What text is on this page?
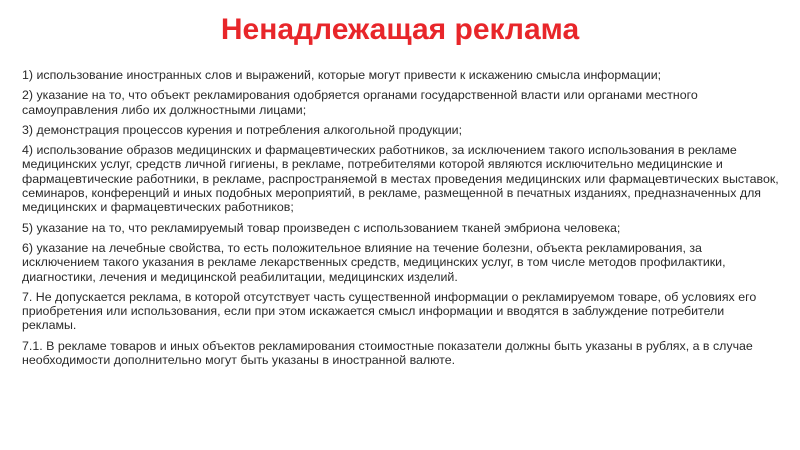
Ненадлежащая реклама

1) использование иностранных слов и выражений, которые могут привести к искажению смысла информации;

2) указание на то, что объект рекламирования одобряется органами государственной власти или органами местного самоуправления либо их должностными лицами;

3) демонстрация процессов курения и потребления алкогольной продукции;

4) использование образов медицинских и фармацевтических работников, за исключением такого использования в рекламе медицинских услуг, средств личной гигиены, в рекламе, потребителями которой являются исключительно медицинские и фармацевтические работники, в рекламе, распространяемой в местах проведения медицинских или фармацевтических выставок, семинаров, конференций и иных подобных мероприятий, в рекламе, размещенной в печатных изданиях, предназначенных для медицинских и фармацевтических работников;

5) указание на то, что рекламируемый товар произведен с использованием тканей эмбриона человека;

6) указание на лечебные свойства, то есть положительное влияние на течение болезни, объекта рекламирования, за исключением такого указания в рекламе лекарственных средств, медицинских услуг, в том числе методов профилактики, диагностики, лечения и медицинской реабилитации, медицинских изделий.

7. Не допускается реклама, в которой отсутствует часть существенной информации о рекламируемом товаре, об условиях его приобретения или использования, если при этом искажается смысл информации и вводятся в заблуждение потребители рекламы.

7.1. В рекламе товаров и иных объектов рекламирования стоимостные показатели должны быть указаны в рублях, а в случае необходимости дополнительно могут быть указаны в иностранной валюте.
